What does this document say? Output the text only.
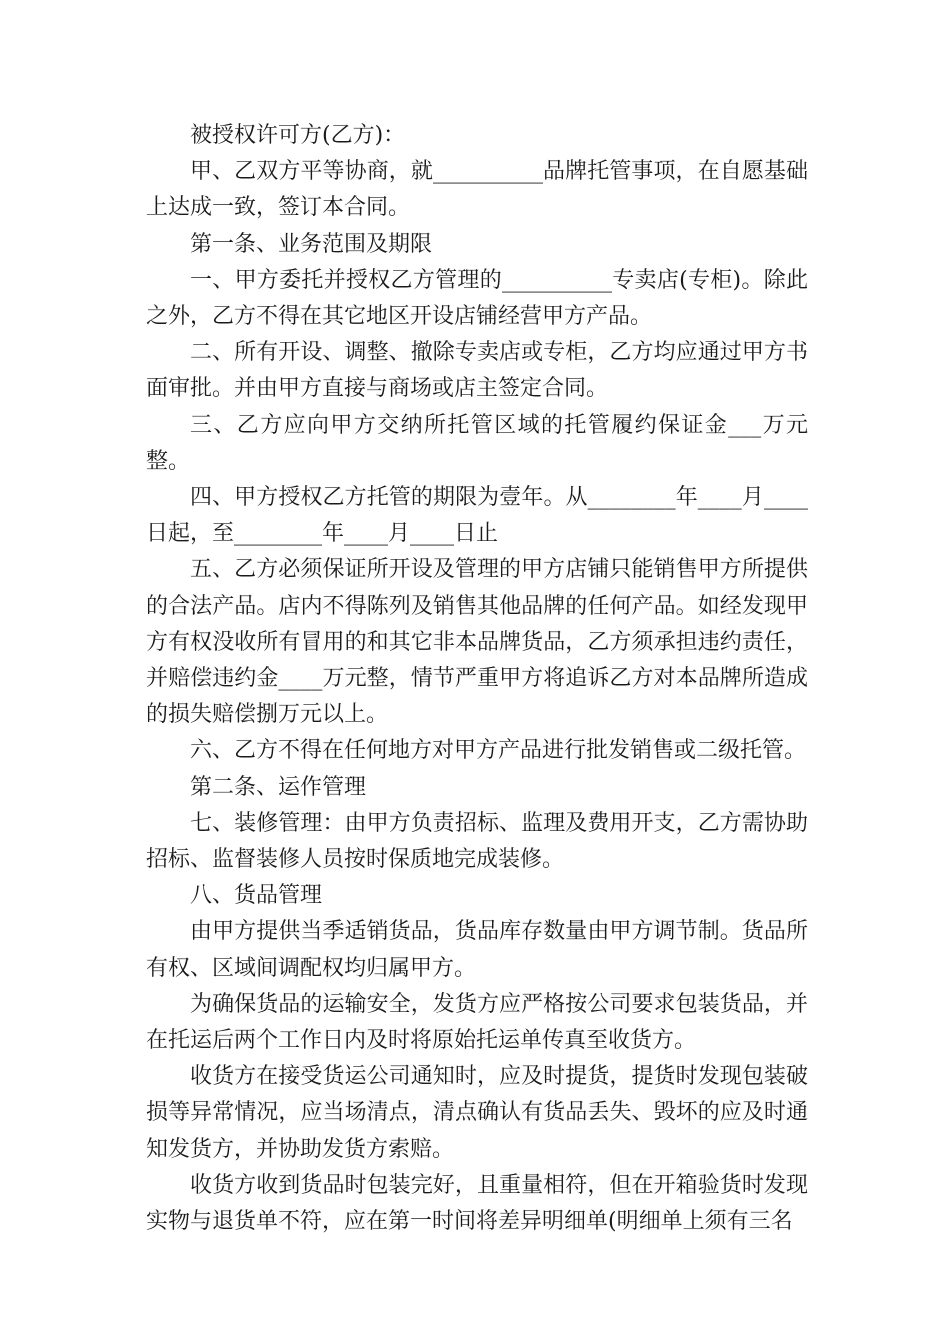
被授权许可方(乙方)：

甲、乙双方平等协商，就__________品牌托管事项，在自愿基础上达成一致，签订本合同。

第一条、业务范围及期限

一、甲方委托并授权乙方管理的__________专卖店(专柜)。除此之外，乙方不得在其它地区开设店铺经营甲方产品。

二、所有开设、调整、撤除专卖店或专柜，乙方均应通过甲方书面审批。并由甲方直接与商场或店主签定合同。

三、乙方应向甲方交纳所托管区域的托管履约保证金___万元整。

四、甲方授权乙方托管的期限为壹年。从________年____月____日起，至________年____月____日止

五、乙方必须保证所开设及管理的甲方店铺只能销售甲方所提供的合法产品。店内不得陈列及销售其他品牌的任何产品。如经发现甲方有权没收所有冒用的和其它非本品牌货品，乙方须承担违约责任，并赔偿违约金____万元整，情节严重甲方将追诉乙方对本品牌所造成的损失赔偿捌万元以上。

六、乙方不得在任何地方对甲方产品进行批发销售或二级托管。

第二条、运作管理

七、装修管理：由甲方负责招标、监理及费用开支，乙方需协助招标、监督装修人员按时保质地完成装修。

八、货品管理

由甲方提供当季适销货品，货品库存数量由甲方调节制。货品所有权、区域间调配权均归属甲方。

为确保货品的运输安全，发货方应严格按公司要求包装货品，并在托运后两个工作日内及时将原始托运单传真至收货方。

收货方在接受货运公司通知时，应及时提货，提货时发现包装破损等异常情况，应当场清点，清点确认有货品丢失、毁坏的应及时通知发货方，并协助发货方索赔。

收货方收到货品时包装完好，且重量相符，但在开箱验货时发现实物与退货单不符，应在第一时间将差异明细单(明细单上须有三名
